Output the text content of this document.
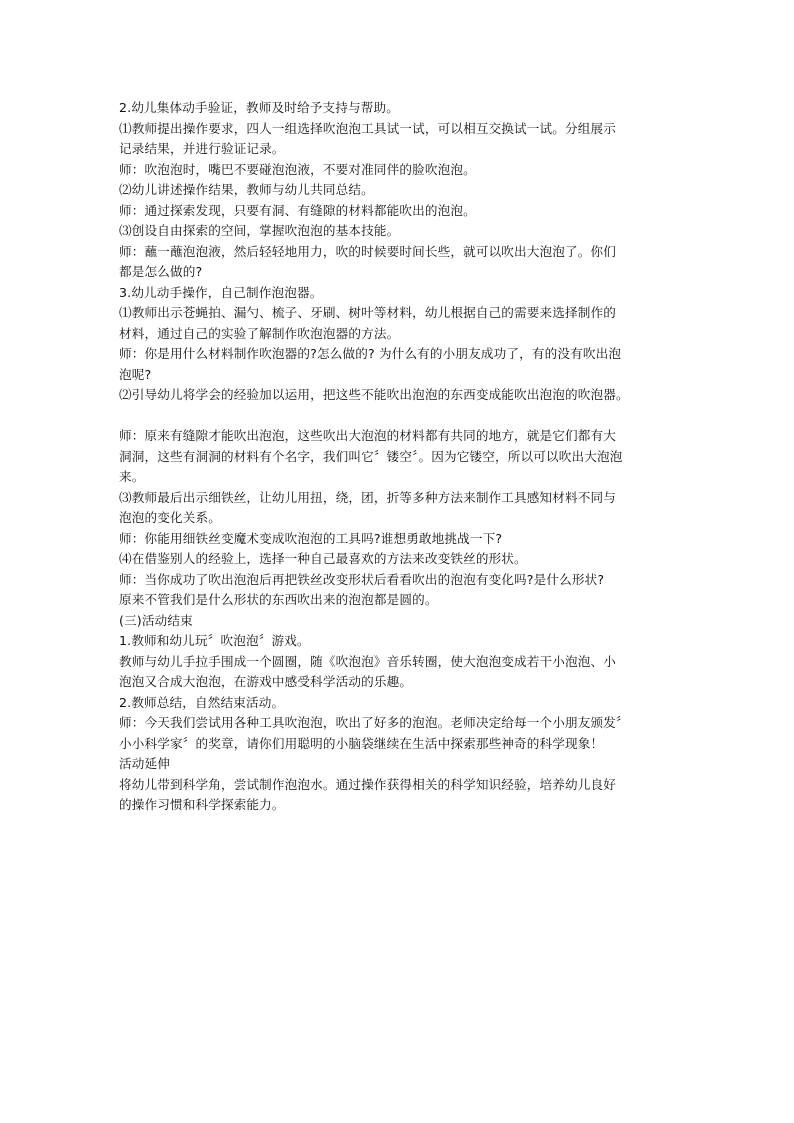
2.幼儿集体动手验证，教师及时给予支持与帮助。
⑴教师提出操作要求，四人一组选择吹泡泡工具试一试，可以相互交换试一试。分组展示
记录结果，并进行验证记录。
师：吹泡泡时，嘴巴不要碰泡泡液，不要对准同伴的脸吹泡泡。
⑵幼儿讲述操作结果，教师与幼儿共同总结。
师：通过探索发现，只要有洞、有缝隙的材料都能吹出的泡泡。
⑶创设自由探索的空间，掌握吹泡泡的基本技能。
师：蘸一蘸泡泡液，然后轻轻地用力，吹的时候要时间长些，就可以吹出大泡泡了。你们
都是怎么做的?
3.幼儿动手操作，自己制作泡泡器。
⑴教师出示苍蝇拍、漏勺、梳子、牙刷、树叶等材料，幼儿根据自己的需要来选择制作的
材料，通过自己的实验了解制作吹泡泡器的方法。
师：你是用什么材料制作吹泡器的?怎么做的? 为什么有的小朋友成功了，有的没有吹出泡
泡呢?
⑵引导幼儿将学会的经验加以运用，把这些不能吹出泡泡的东西变成能吹出泡泡的吹泡器。
师：原来有缝隙才能吹出泡泡，这些吹出大泡泡的材料都有共同的地方，就是它们都有大
洞洞，这些有洞洞的材料有个名字，我们叫它〞镂空〞。因为它镂空，所以可以吹出大泡泡
来。
⑶教师最后出示细铁丝，让幼儿用扭，绕，团，折等多种方法来制作工具感知材料不同与
泡泡的变化关系。
师：你能用细铁丝变魔术变成吹泡泡的工具吗?谁想勇敢地挑战一下?
⑷在借鉴别人的经验上，选择一种自己最喜欢的方法来改变铁丝的形状。
师：当你成功了吹出泡泡后再把铁丝改变形状后看看吹出的泡泡有变化吗?是什么形状?
原来不管我们是什么形状的东西吹出来的泡泡都是圆的。
(三)活动结束
1.教师和幼儿玩〞吹泡泡〞游戏。
教师与幼儿手拉手围成一个圆圈，随《吹泡泡》音乐转圈，使大泡泡变成若干小泡泡、小
泡泡又合成大泡泡，在游戏中感受科学活动的乐趣。
2.教师总结，自然结束活动。
师：今天我们尝试用各种工具吹泡泡，吹出了好多的泡泡。老师决定给每一个小朋友颁发〞
小小科学家〞的奖章，请你们用聪明的小脑袋继续在生活中探索那些神奇的科学现象！
活动延伸
将幼儿带到科学角，尝试制作泡泡水。通过操作获得相关的科学知识经验，培养幼儿良好
的操作习惯和科学探索能力。
